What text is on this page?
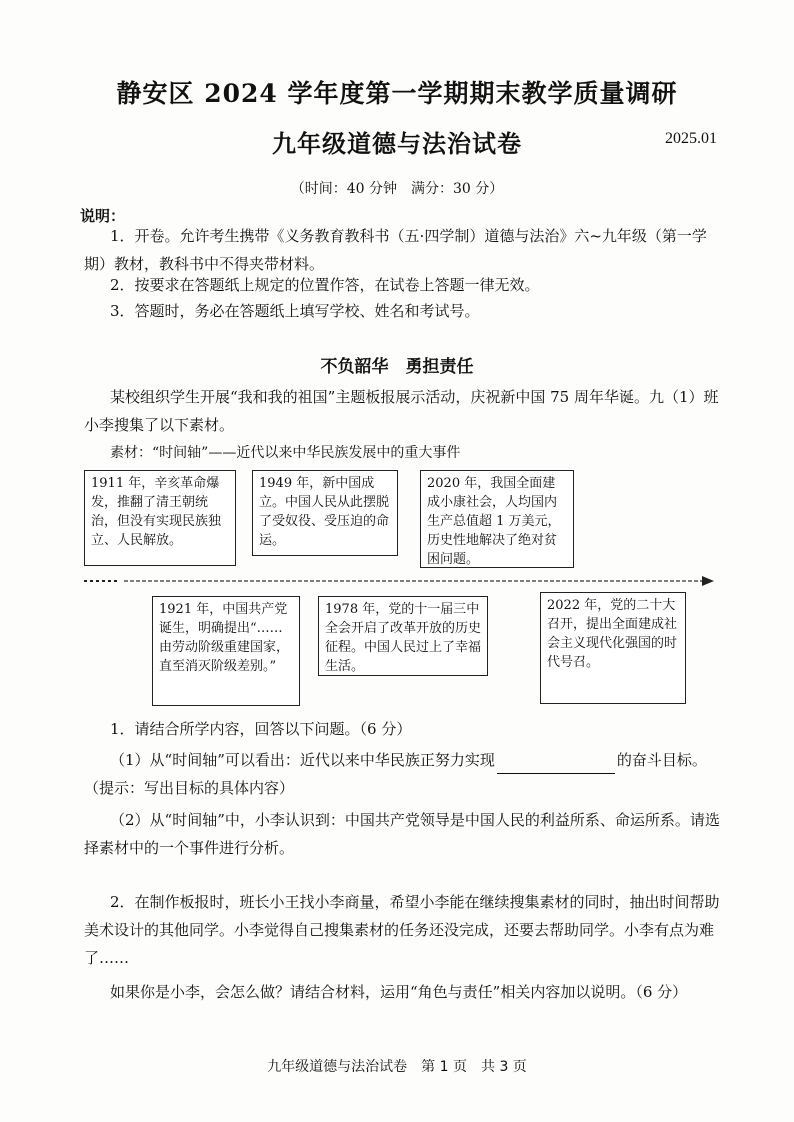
静安区 2024 学年度第一学期期末教学质量调研
九年级道德与法治试卷	2025.01
（时间：40 分钟　满分：30 分）
说明：
1．开卷。允许考生携带《义务教育教科书（五·四学制）道德与法治》六~九年级（第一学期）教材，教科书中不得夹带材料。
2．按要求在答题纸上规定的位置作答，在试卷上答题一律无效。
3．答题时，务必在答题纸上填写学校、姓名和考试号。
不负韶华　勇担责任
某校组织学生开展“我和我的祖国”主题板报展示活动，庆祝新中国 75 周年华诞。九（1）班小李搜集了以下素材。
素材：“时间轴”——近代以来中华民族发展中的重大事件
1911 年，辛亥革命爆发，推翻了清王朝统治，但没有实现民族独立、人民解放。
1949 年，新中国成立。中国人民从此摆脱了受奴役、受压迫的命运。
2020 年，我国全面建成小康社会，人均国内生产总值超 1 万美元，历史性地解决了绝对贫困问题。
1921 年，中国共产党诞生，明确提出“……由劳动阶级重建国家，直至消灭阶级差别。”
1978 年，党的十一届三中全会开启了改革开放的历史征程。中国人民过上了幸福生活。
2022 年，党的二十大召开，提出全面建成社会主义现代化强国的时代号召。
1．请结合所学内容，回答以下问题。（6 分）
（1）从“时间轴”可以看出：近代以来中华民族正努力实现	的奋斗目标。（提示：写出目标的具体内容）
（2）从“时间轴”中，小李认识到：中国共产党领导是中国人民的利益所系、命运所系。请选择素材中的一个事件进行分析。
2．在制作板报时，班长小王找小李商量，希望小李能在继续搜集素材的同时，抽出时间帮助美术设计的其他同学。小李觉得自己搜集素材的任务还没完成，还要去帮助同学。小李有点为难了……
如果你是小李，会怎么做？请结合材料，运用“角色与责任”相关内容加以说明。（6 分）
九年级道德与法治试卷　第 1 页　共 3 页
